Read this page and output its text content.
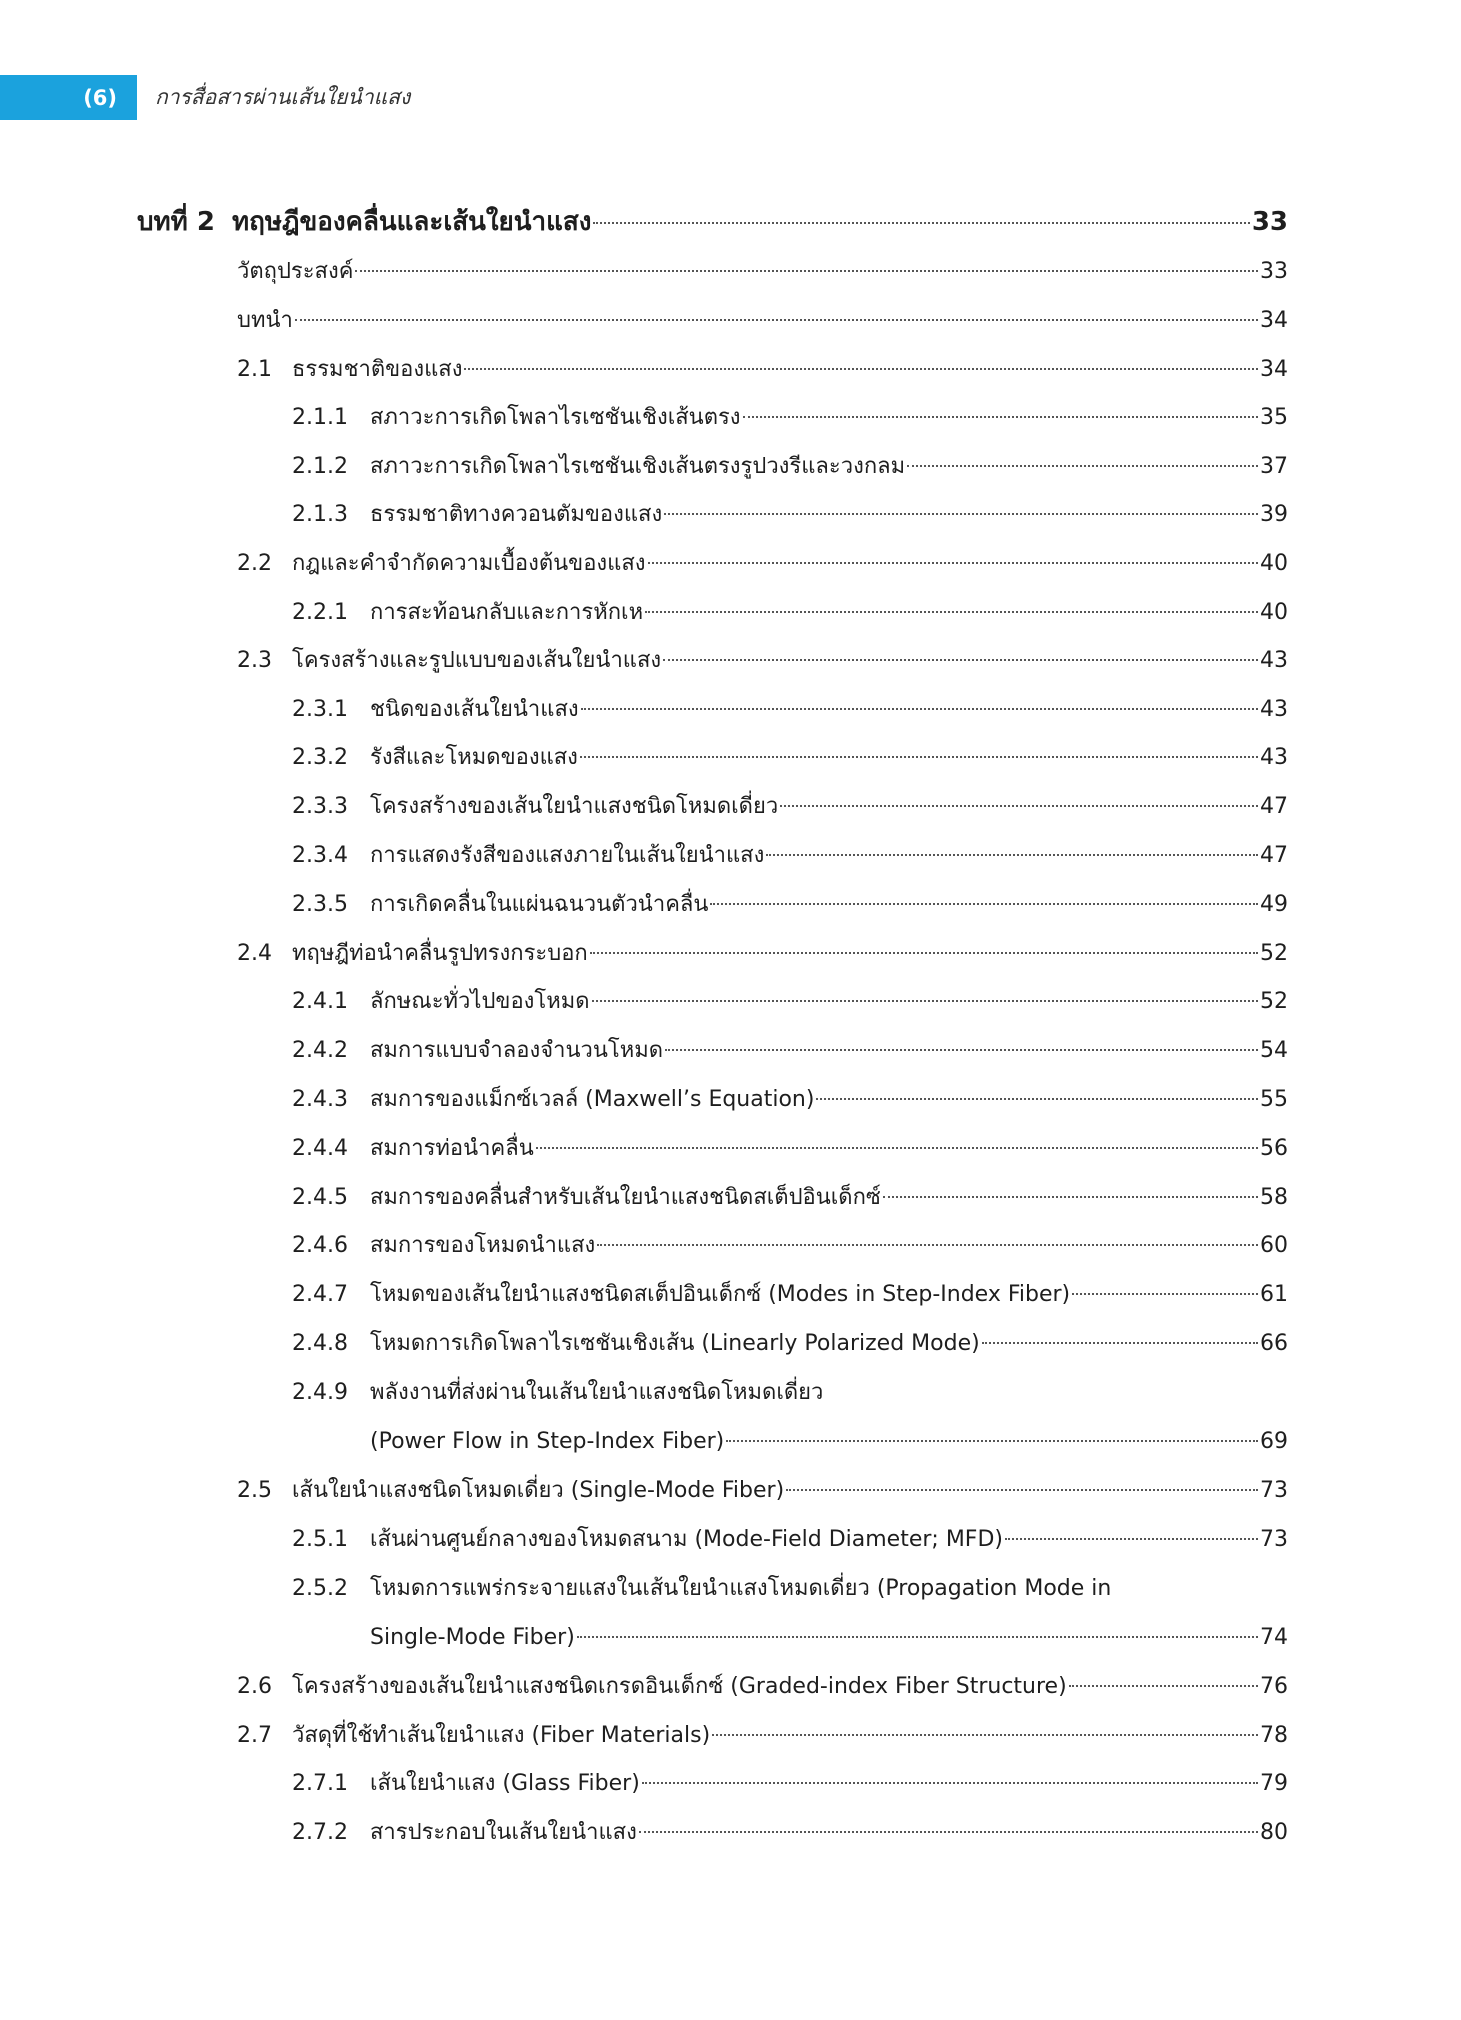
(6) การสื่อสารผ่านเส้นใยนำแสง
บทที่ 2 ทฤษฎีของคลื่นและเส้นใยนำแสง	33
วัตถุประสงค์	33
บทนำ	34
2.1 ธรรมชาติของแสง	34
2.1.1	สภาวะการเกิดโพลาไรเซชันเชิงเส้นตรง	35
2.1.2	สภาวะการเกิดโพลาไรเซชันเชิงเส้นตรงรูปวงรีและวงกลม	37
2.1.3	ธรรมชาติทางควอนตัมของแสง	39
2.2 กฎและคำจำกัดความเบื้องต้นของแสง	40
2.2.1	การสะท้อนกลับและการหักเห	40
2.3 โครงสร้างและรูปแบบของเส้นใยนำแสง	43
2.3.1	ชนิดของเส้นใยนำแสง	43
2.3.2	รังสีและโหมดของแสง	43
2.3.3	โครงสร้างของเส้นใยนำแสงชนิดโหมดเดี่ยว	47
2.3.4	การแสดงรังสีของแสงภายในเส้นใยนำแสง	47
2.3.5	การเกิดคลื่นในแผ่นฉนวนตัวนำคลื่น	49
2.4 ทฤษฎีท่อนำคลื่นรูปทรงกระบอก	52
2.4.1	ลักษณะทั่วไปของโหมด	52
2.4.2	สมการแบบจำลองจำนวนโหมด	54
2.4.3	สมการของแม็กซ์เวลล์ (Maxwell’s Equation)	55
2.4.4	สมการท่อนำคลื่น	56
2.4.5	สมการของคลื่นสำหรับเส้นใยนำแสงชนิดสเต็ปอินเด็กซ์	58
2.4.6	สมการของโหมดนำแสง	60
2.4.7	โหมดของเส้นใยนำแสงชนิดสเต็ปอินเด็กซ์ (Modes in Step-Index Fiber)	61
2.4.8	โหมดการเกิดโพลาไรเซชันเชิงเส้น (Linearly Polarized Mode)	66
2.4.9	พลังงานที่ส่งผ่านในเส้นใยนำแสงชนิดโหมดเดี่ยว
(Power Flow in Step-Index Fiber)	69
2.5 เส้นใยนำแสงชนิดโหมดเดี่ยว (Single-Mode Fiber)	73
2.5.1	เส้นผ่านศูนย์กลางของโหมดสนาม (Mode-Field Diameter; MFD)	73
2.5.2	โหมดการแพร่กระจายแสงในเส้นใยนำแสงโหมดเดี่ยว (Propagation Mode in
Single-Mode Fiber)	74
2.6 โครงสร้างของเส้นใยนำแสงชนิดเกรดอินเด็กซ์ (Graded-index Fiber Structure)	76
2.7 วัสดุที่ใช้ทำเส้นใยนำแสง (Fiber Materials)	78
2.7.1	เส้นใยนำแสง (Glass Fiber)	79
2.7.2	สารประกอบในเส้นใยนำแสง	80
